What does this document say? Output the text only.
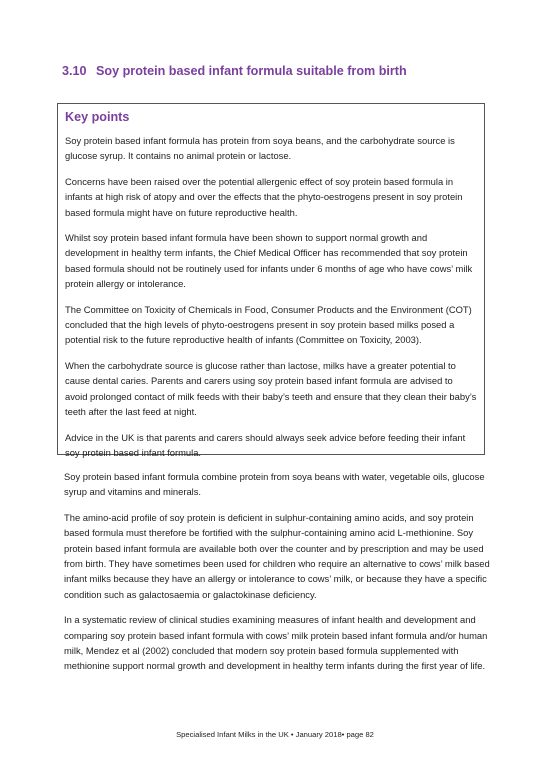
3.10 Soy protein based infant formula suitable from birth
Key points

Soy protein based infant formula has protein from soya beans, and the carbohydrate source is glucose syrup. It contains no animal protein or lactose.

Concerns have been raised over the potential allergenic effect of soy protein based formula in infants at high risk of atopy and over the effects that the phyto-oestrogens present in soy protein based formula might have on future reproductive health.

Whilst soy protein based infant formula have been shown to support normal growth and development in healthy term infants, the Chief Medical Officer has recommended that soy protein based formula should not be routinely used for infants under 6 months of age who have cows’ milk protein allergy or intolerance.

The Committee on Toxicity of Chemicals in Food, Consumer Products and the Environment (COT) concluded that the high levels of phyto-oestrogens present in soy protein based milks posed a potential risk to the future reproductive health of infants (Committee on Toxicity, 2003).

When the carbohydrate source is glucose rather than lactose, milks have a greater potential to cause dental caries. Parents and carers using soy protein based infant formula are advised to avoid prolonged contact of milk feeds with their baby’s teeth and ensure that they clean their baby’s teeth after the last feed at night.

Advice in the UK is that parents and carers should always seek advice before feeding their infant soy protein based infant formula.

Soy protein based infant formula combine protein from soya beans with water, vegetable oils, glucose syrup and vitamins and minerals.

The amino-acid profile of soy protein is deficient in sulphur-containing amino acids, and soy protein based formula must therefore be fortified with the sulphur-containing amino acid L-methionine. Soy protein based infant formula are available both over the counter and by prescription and may be used from birth. They have sometimes been used for children who require an alternative to cows’ milk based infant milks because they have an allergy or intolerance to cows’ milk, or because they have a specific condition such as galactosaemia or galactokinase deficiency.

In a systematic review of clinical studies examining measures of infant health and development and comparing soy protein based infant formula with cows’ milk protein based infant formula and/or human milk, Mendez et al (2002) concluded that modern soy protein based formula supplemented with methionine support normal growth and development in healthy term infants during the first year of life.

Specialised Infant Milks in the UK • January 2018• page 82
